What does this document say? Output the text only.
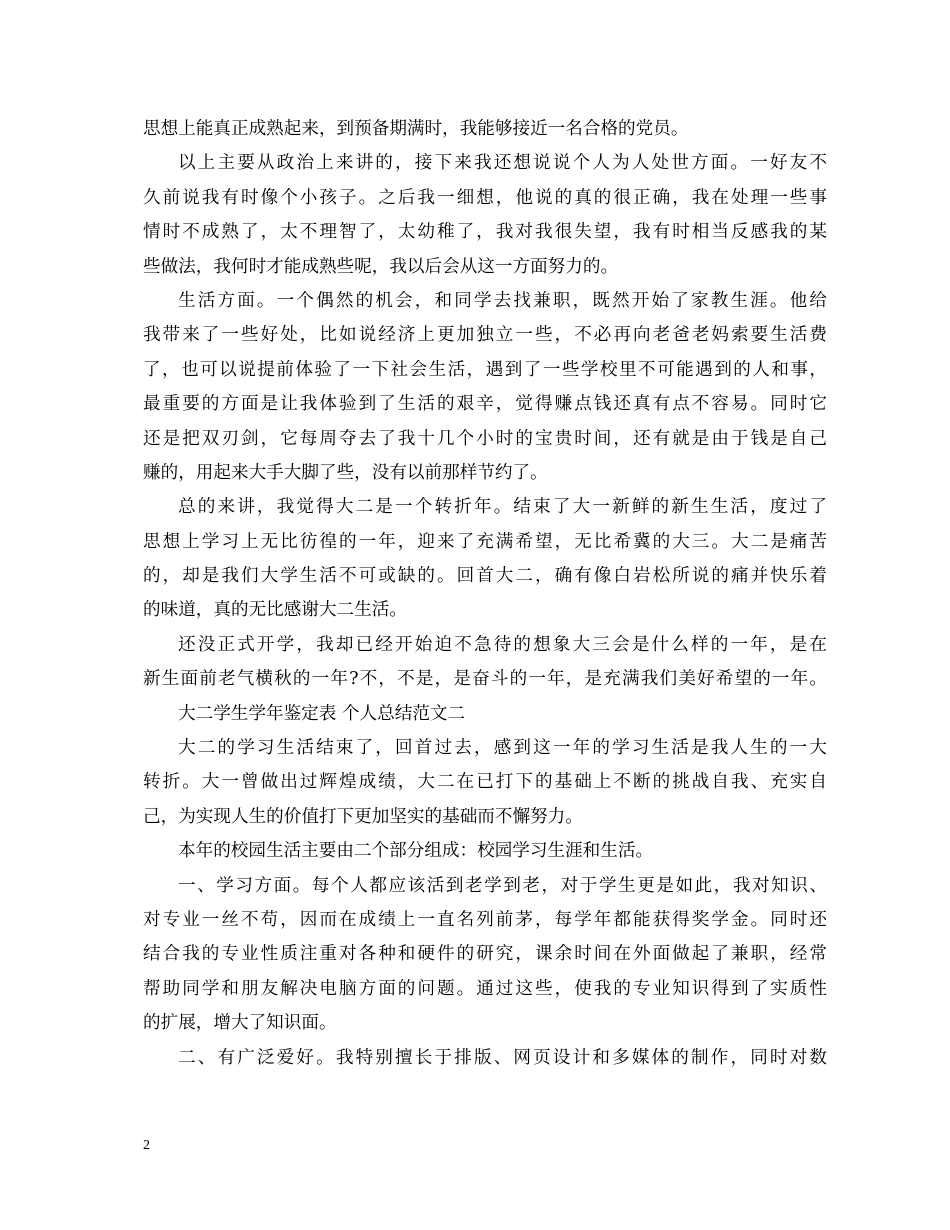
思想上能真正成熟起来，到预备期满时，我能够接近一名合格的党员。
以上主要从政治上来讲的，接下来我还想说说个人为人处世方面。一好友不
久前说我有时像个小孩子。之后我一细想，他说的真的很正确，我在处理一些事
情时不成熟了，太不理智了，太幼稚了，我对我很失望，我有时相当反感我的某
些做法，我何时才能成熟些呢，我以后会从这一方面努力的。
生活方面。一个偶然的机会，和同学去找兼职，既然开始了家教生涯。他给
我带来了一些好处，比如说经济上更加独立一些，不必再向老爸老妈索要生活费
了，也可以说提前体验了一下社会生活，遇到了一些学校里不可能遇到的人和事，
最重要的方面是让我体验到了生活的艰辛，觉得赚点钱还真有点不容易。同时它
还是把双刃剑，它每周夺去了我十几个小时的宝贵时间，还有就是由于钱是自己
赚的，用起来大手大脚了些，没有以前那样节约了。
总的来讲，我觉得大二是一个转折年。结束了大一新鲜的新生生活，度过了
思想上学习上无比彷徨的一年，迎来了充满希望，无比希冀的大三。大二是痛苦
的，却是我们大学生活不可或缺的。回首大二，确有像白岩松所说的痛并快乐着
的味道，真的无比感谢大二生活。
还没正式开学，我却已经开始迫不急待的想象大三会是什么样的一年，是在
新生面前老气横秋的一年?不，不是，是奋斗的一年，是充满我们美好希望的一年。
大二学生学年鉴定表 个人总结范文二
大二的学习生活结束了，回首过去，感到这一年的学习生活是我人生的一大
转折。大一曾做出过辉煌成绩，大二在已打下的基础上不断的挑战自我、充实自
己，为实现人生的价值打下更加坚实的基础而不懈努力。
本年的校园生活主要由二个部分组成：校园学习生涯和生活。
一、学习方面。每个人都应该活到老学到老，对于学生更是如此，我对知识、
对专业一丝不苟，因而在成绩上一直名列前茅，每学年都能获得奖学金。同时还
结合我的专业性质注重对各种和硬件的研究，课余时间在外面做起了兼职，经常
帮助同学和朋友解决电脑方面的问题。通过这些，使我的专业知识得到了实质性
的扩展，增大了知识面。
二、有广泛爱好。我特别擅长于排版、网页设计和多媒体的制作，同时对数
2
